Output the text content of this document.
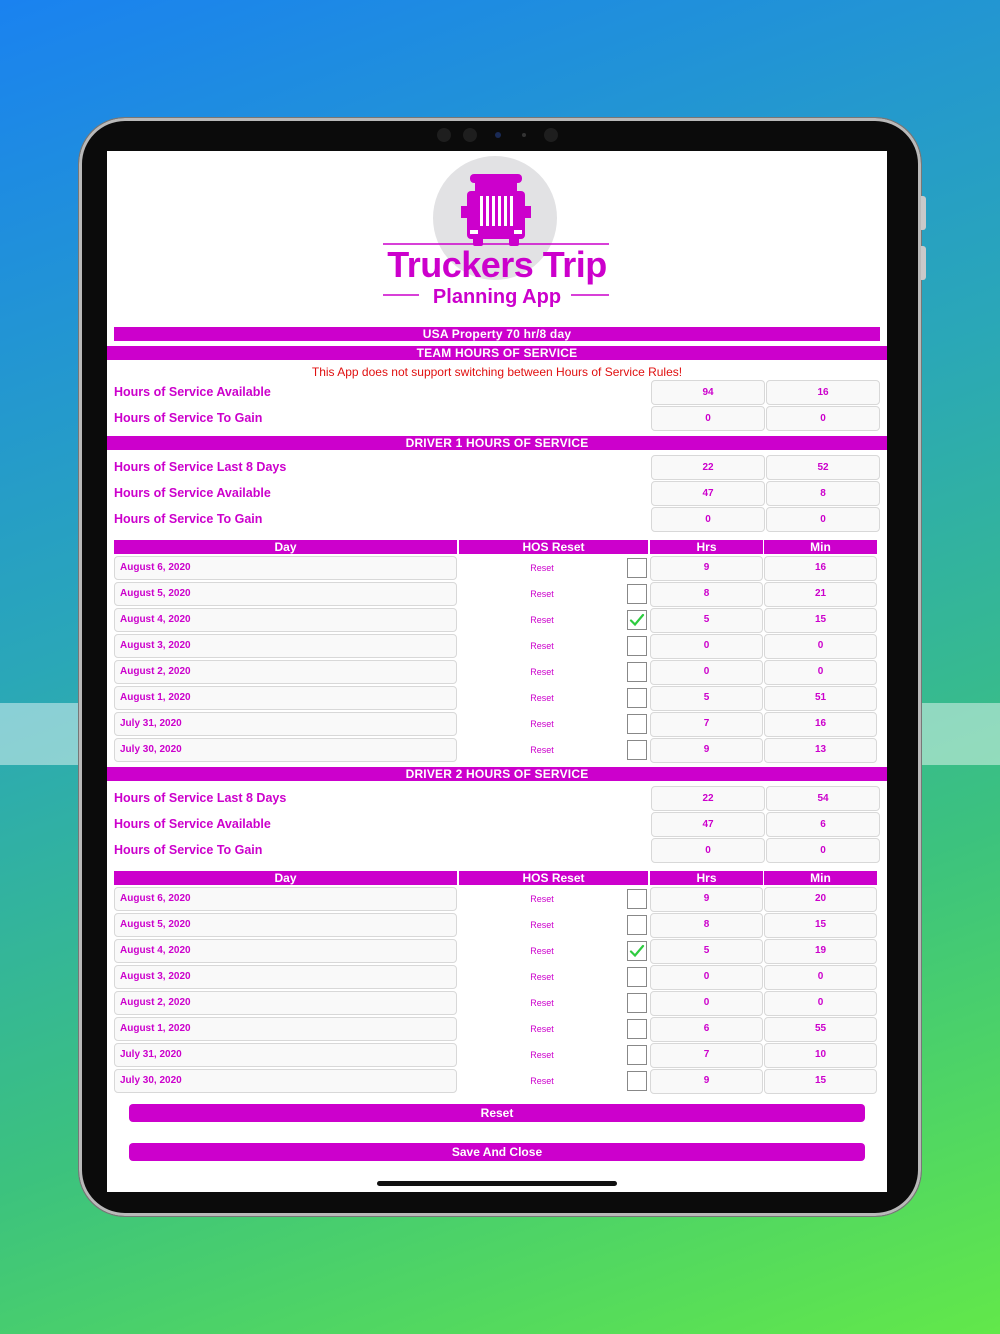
Truckers Trip
Planning App
USA Property 70 hr/8 day
TEAM HOURS OF SERVICE
This App does not support switching between Hours of Service Rules!
Hours of Service Available	94	16
Hours of Service To Gain	0	0
DRIVER 1 HOURS OF SERVICE
Hours of Service Last 8 Days	22	52
Hours of Service Available	47	8
Hours of Service To Gain	0	0
Day	HOS Reset	Hrs	Min
August 6, 2020	Reset	9	16
August 5, 2020	Reset	8	21
August 4, 2020	Reset	5	15
August 3, 2020	Reset	0	0
August 2, 2020	Reset	0	0
August 1, 2020	Reset	5	51
July 31, 2020	Reset	7	16
July 30, 2020	Reset	9	13
DRIVER 2 HOURS OF SERVICE
Hours of Service Last 8 Days	22	54
Hours of Service Available	47	6
Hours of Service To Gain	0	0
Day	HOS Reset	Hrs	Min
August 6, 2020	Reset	9	20
August 5, 2020	Reset	8	15
August 4, 2020	Reset	5	19
August 3, 2020	Reset	0	0
August 2, 2020	Reset	0	0
August 1, 2020	Reset	6	55
July 31, 2020	Reset	7	10
July 30, 2020	Reset	9	15
Reset
Save And Close
